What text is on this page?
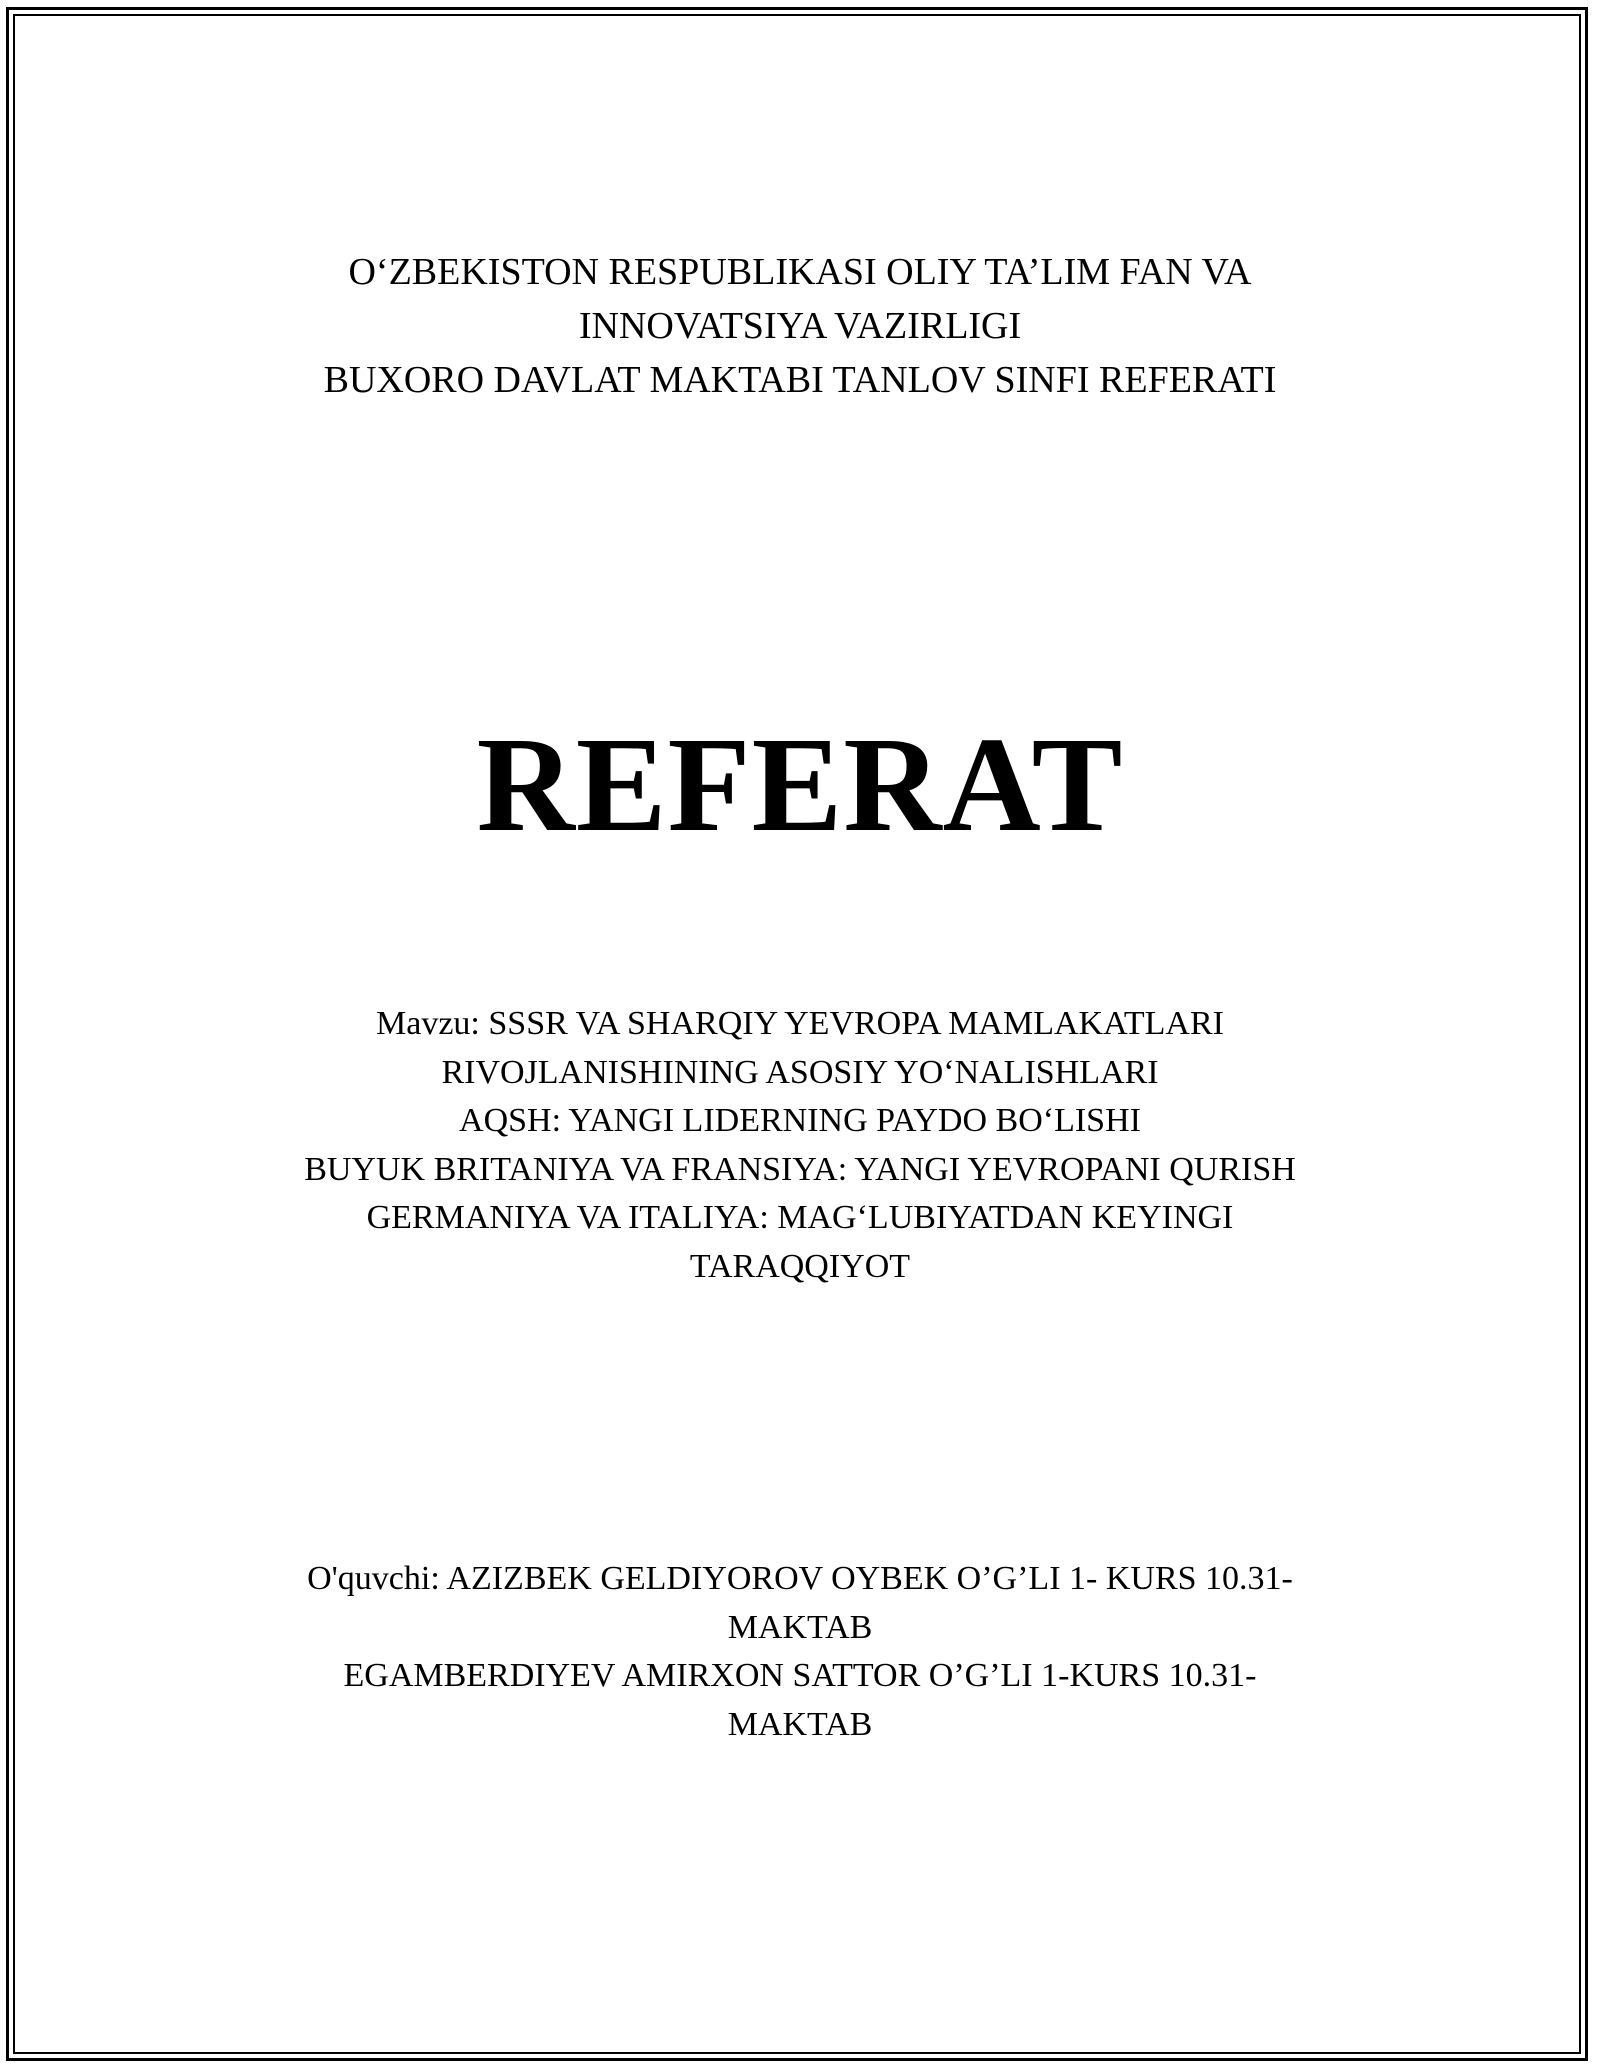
O‘ZBEKISTON RESPUBLIKASI OLIY TA’LIM FAN VA
INNOVATSIYA VAZIRLIGI
BUXORO DAVLAT MAKTABI TANLOV SINFI REFERATI
REFERAT
Mavzu: SSSR VA SHARQIY YEVROPA MAMLAKATLARI
RIVOJLANISHINING ASOSIY YO‘NALISHLARI
AQSH: YANGI LIDERNING PAYDO BO‘LISHI
BUYUK BRITANIYA VA FRANSIYA: YANGI YEVROPANI QURISH
GERMANIYA VA ITALIYA: MAG‘LUBIYATDAN KEYINGI
TARAQQIYOT
O'quvchi: AZIZBEK GELDIYOROV OYBEK O’G’LI 1- KURS 10.31-
MAKTAB
EGAMBERDIYEV AMIRXON SATTOR O’G’LI 1-KURS 10.31-
MAKTAB
